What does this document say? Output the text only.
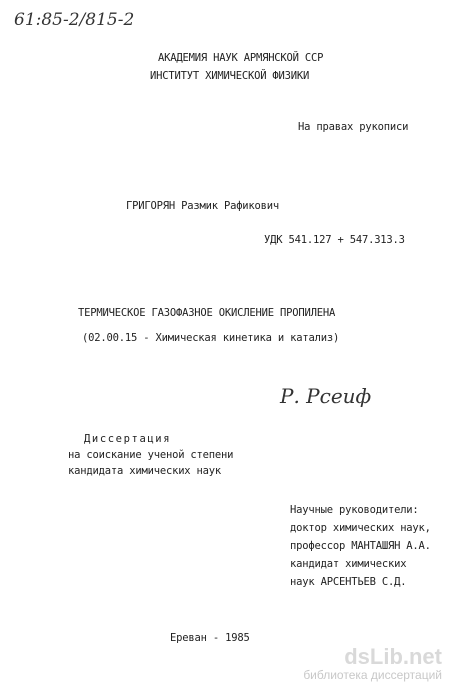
61:85-2/815-2
АКАДЕМИЯ НАУК АРМЯНСКОЙ ССР
ИНСТИТУТ ХИМИЧЕСКОЙ ФИЗИКИ
На правах рукописи
ГРИГОРЯН Размик Рафикович
УДК 541.127 + 547.313.3
ТЕРМИЧЕСКОЕ ГАЗОФАЗНОЕ ОКИСЛЕНИЕ ПРОПИЛЕНА
(02.00.15 - Химическая кинетика и катализ)
Р. Рсеиф
Диссертация
на соискание ученой степени
кандидата химических наук
Научные руководители:
доктор химических наук,
профессор МАНТАШЯН А.А.
кандидат химических
наук АРСЕНТЬЕВ С.Д.
Ереван - 1985
dsLib.net
библиотека диссертаций
